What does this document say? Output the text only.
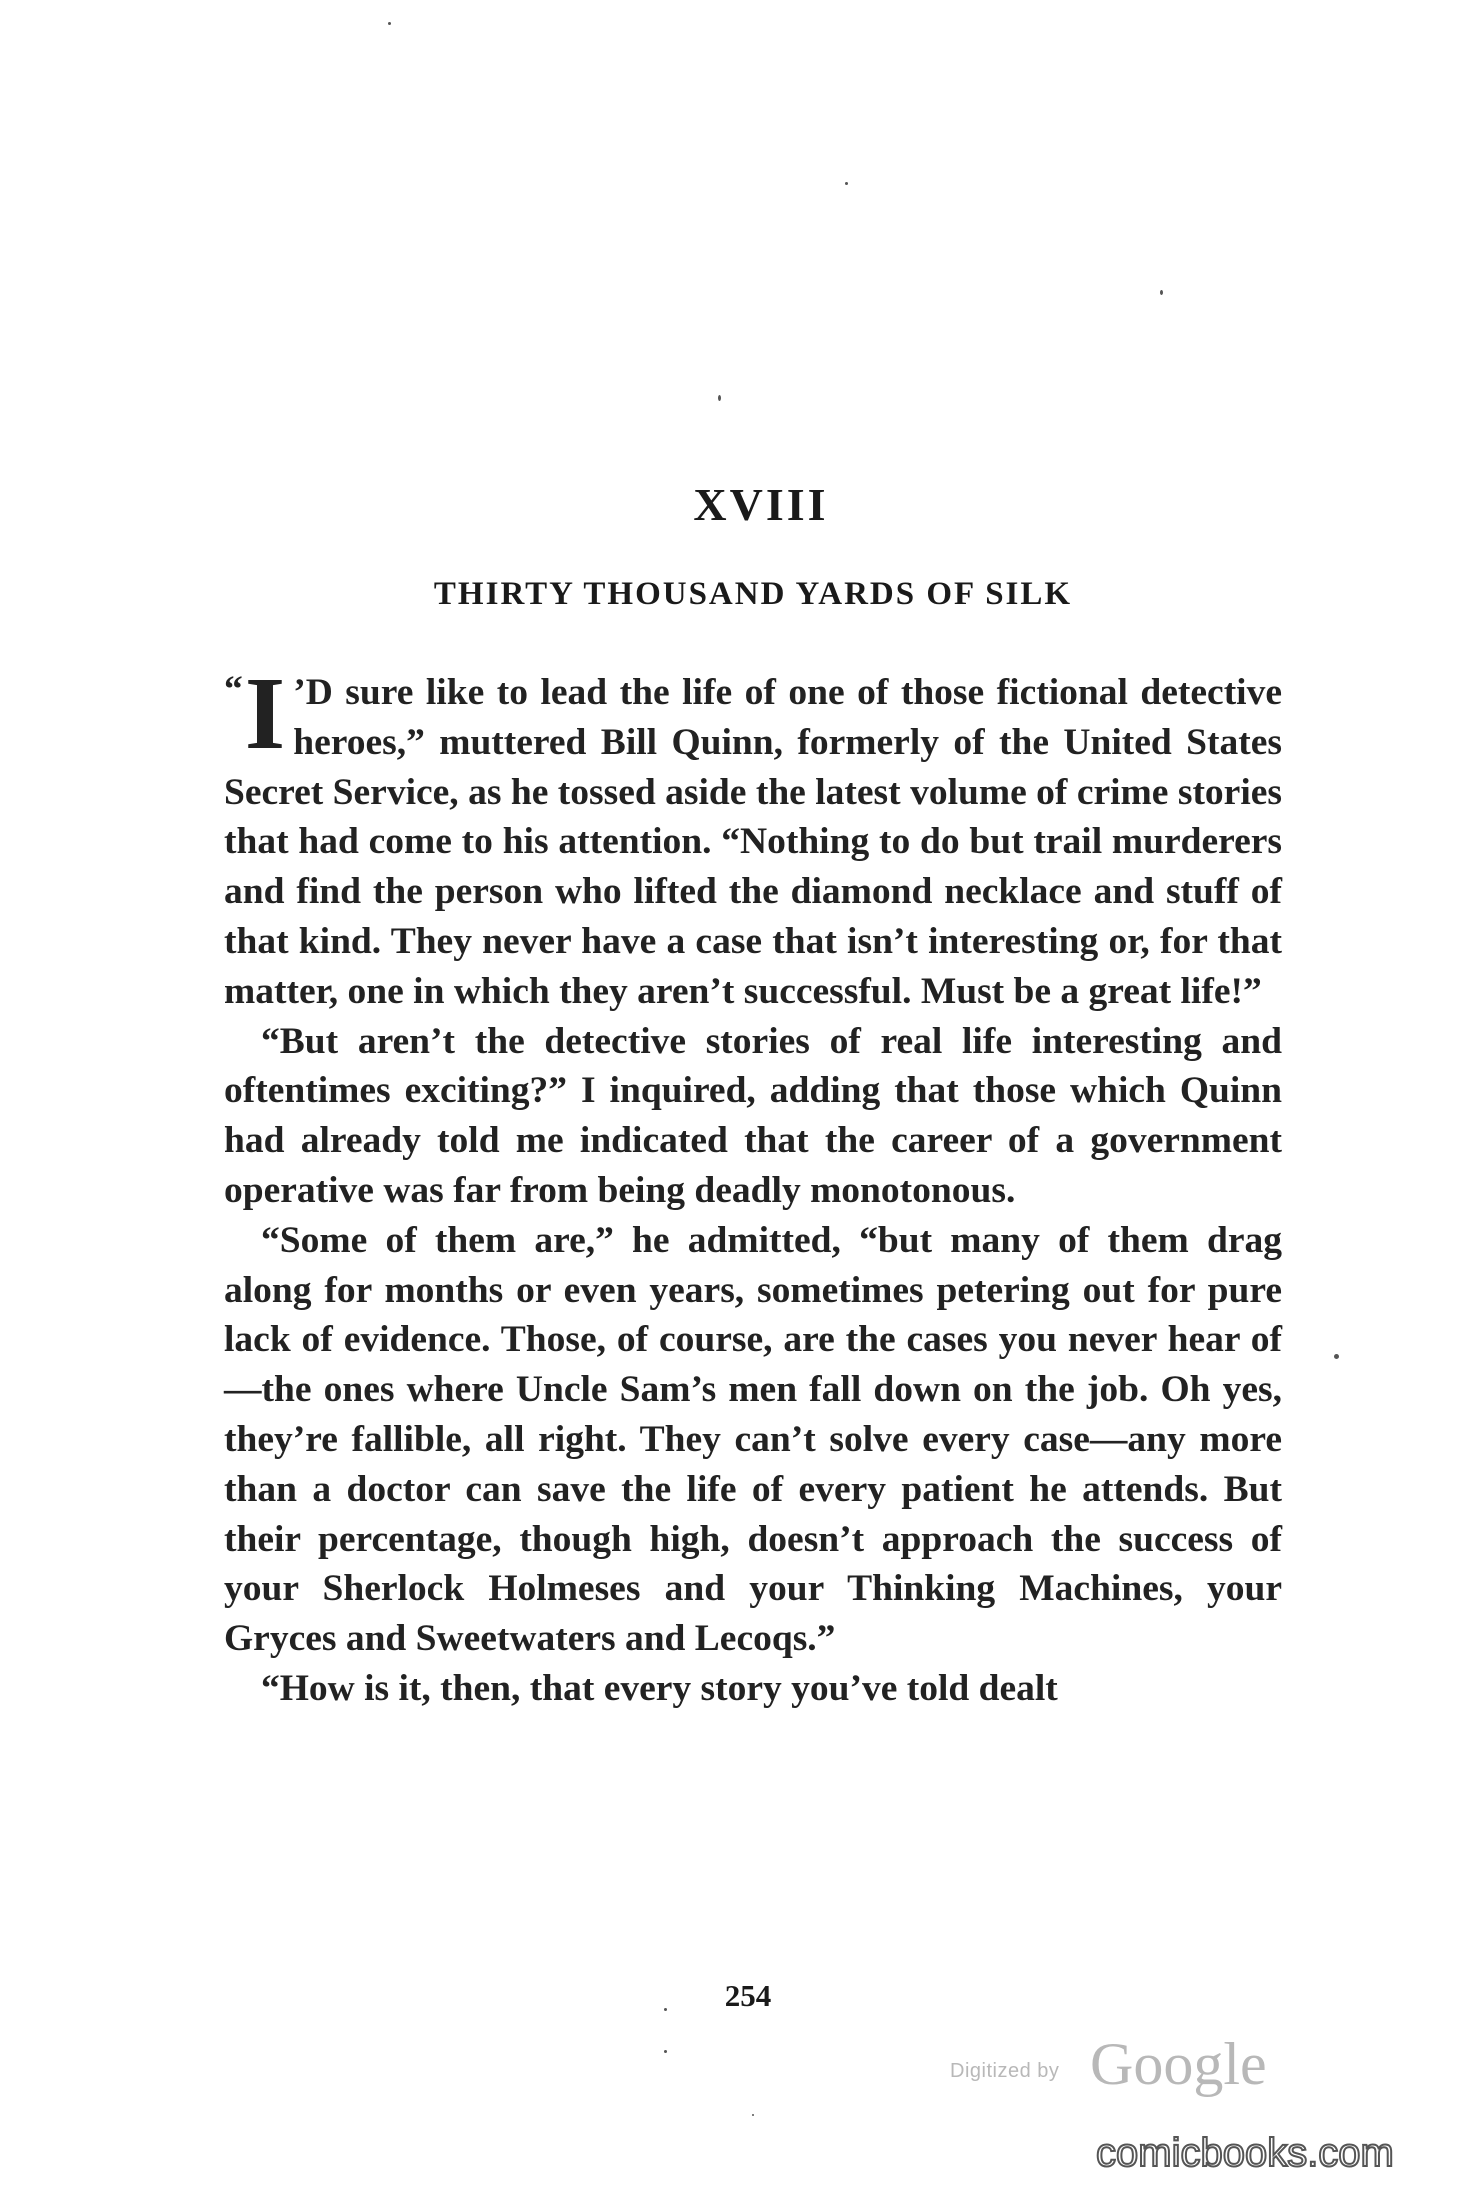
XVIII
THIRTY THOUSAND YARDS OF SILK

“ I ’D sure like to lead the life of one of those fictional detective heroes,” muttered Bill Quinn, formerly of the United States Secret Service, as he tossed aside the latest volume of crime stories that had come to his attention. “Nothing to do but trail murderers and find the person who lifted the diamond necklace and stuff of that kind. They never have a case that isn’t interesting or, for that matter, one in which they aren’t successful. Must be a great life!”

“But aren’t the detective stories of real life interesting and oftentimes exciting?” I inquired, adding that those which Quinn had already told me indicated that the career of a government operative was far from being deadly monotonous.

“Some of them are,” he admitted, “but many of them drag along for months or even years, sometimes petering out for pure lack of evidence. Those, of course, are the cases you never hear of—the ones where Uncle Sam’s men fall down on the job. Oh yes, they’re fallible, all right. They can’t solve every case—any more than a doctor can save the life of every patient he attends. But their percentage, though high, doesn’t approach the success of your Sherlock Holmeses and your Thinking Machines, your Gryces and Sweetwaters and Lecoqs.”

“How is it, then, that every story you’ve told dealt

254
Digitized by Google
comicbooks.com
